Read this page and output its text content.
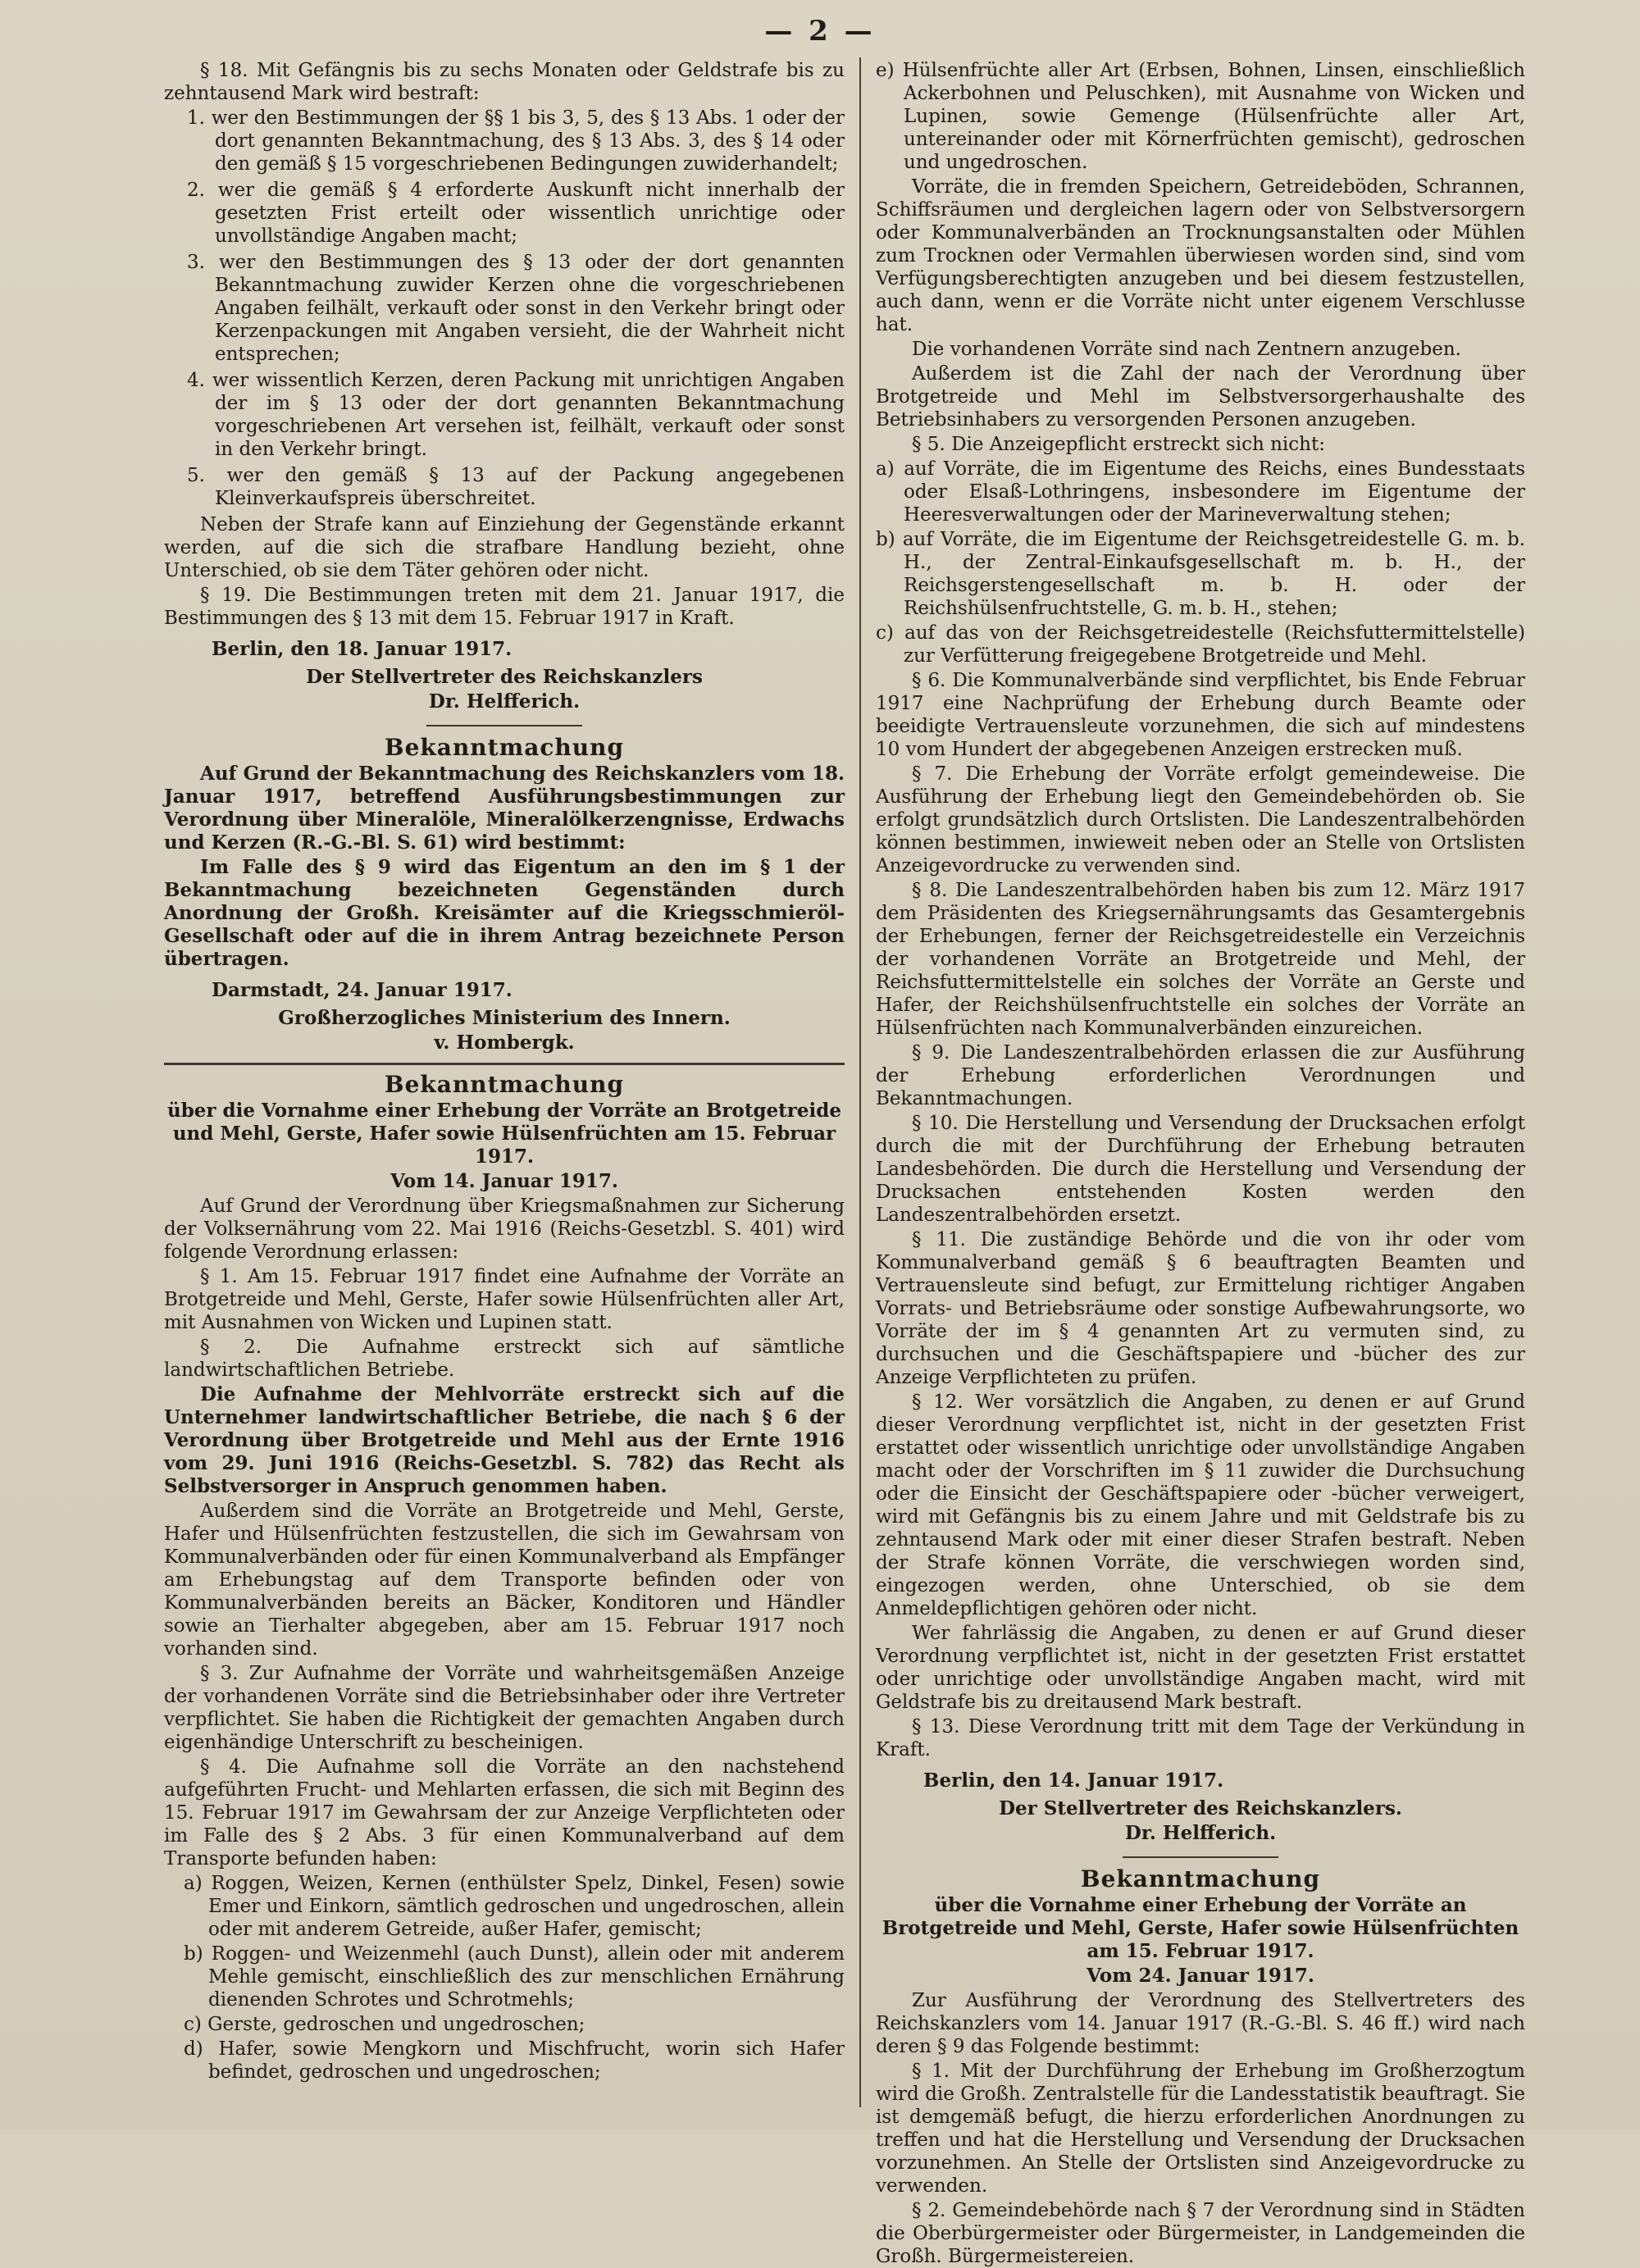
— 2 —

§ 18. Mit Gefängnis bis zu sechs Monaten oder Geldstrafe bis zu zehntausend Mark wird bestraft:

1. wer den Bestimmungen der §§ 1 bis 3, 5, des § 13 Abs. 1 oder der dort genannten Bekanntmachung, des § 13 Abs. 3, des § 14 oder den gemäß § 15 vorgeschriebenen Bedingungen zuwiderhandelt;

2. wer die gemäß § 4 erforderte Auskunft nicht innerhalb der gesetzten Frist erteilt oder wissentlich unrichtige oder unvollständige Angaben macht;

3. wer den Bestimmungen des § 13 oder der dort genannten Bekanntmachung zuwider Kerzen ohne die vorgeschriebenen Angaben feilhält, verkauft oder sonst in den Verkehr bringt oder Kerzenpackungen mit Angaben versieht, die der Wahrheit nicht entsprechen;

4. wer wissentlich Kerzen, deren Packung mit unrichtigen Angaben der im § 13 oder der dort genannten Bekanntmachung vorgeschriebenen Art versehen ist, feilhält, verkauft oder sonst in den Verkehr bringt.

5. wer den gemäß § 13 auf der Packung angegebenen Kleinverkaufspreis überschreitet.

Neben der Strafe kann auf Einziehung der Gegenstände erkannt werden, auf die sich die strafbare Handlung bezieht, ohne Unterschied, ob sie dem Täter gehören oder nicht.

§ 19. Die Bestimmungen treten mit dem 21. Januar 1917, die Bestimmungen des § 13 mit dem 15. Februar 1917 in Kraft.

Berlin, den 18. Januar 1917.

Der Stellvertreter des Reichskanzlers

Dr. Helfferich.

Bekanntmachung

Auf Grund der Bekanntmachung des Reichskanzlers vom 18. Januar 1917, betreffend Ausführungsbestimmungen zur Verordnung über Mineralöle, Mineralölkerzengnisse, Erdwachs und Kerzen (R.-G.-Bl. S. 61) wird bestimmt:

Im Falle des § 9 wird das Eigentum an den im § 1 der Bekanntmachung bezeichneten Gegenständen durch Anordnung der Großh. Kreisämter auf die Kriegsschmieröl-Gesellschaft oder auf die in ihrem Antrag bezeichnete Person übertragen.

Darmstadt, 24. Januar 1917.

Großherzogliches Ministerium des Innern.

v. Hombergk.

Bekanntmachung

über die Vornahme einer Erhebung der Vorräte an Brotgetreide und Mehl, Gerste, Hafer sowie Hülsenfrüchten am 15. Februar 1917.

Vom 14. Januar 1917.

Auf Grund der Verordnung über Kriegsmaßnahmen zur Sicherung der Volksernährung vom 22. Mai 1916 (Reichs-Gesetzbl. S. 401) wird folgende Verordnung erlassen:

§ 1. Am 15. Februar 1917 findet eine Aufnahme der Vorräte an Brotgetreide und Mehl, Gerste, Hafer sowie Hülsenfrüchten aller Art, mit Ausnahmen von Wicken und Lupinen statt.

§ 2. Die Aufnahme erstreckt sich auf sämtliche landwirtschaftlichen Betriebe.

Die Aufnahme der Mehlvorräte erstreckt sich auf die Unternehmer landwirtschaftlicher Betriebe, die nach § 6 der Verordnung über Brotgetreide und Mehl aus der Ernte 1916 vom 29. Juni 1916 (Reichs-Gesetzbl. S. 782) das Recht als Selbstversorger in Anspruch genommen haben.

Außerdem sind die Vorräte an Brotgetreide und Mehl, Gerste, Hafer und Hülsenfrüchten festzustellen, die sich im Gewahrsam von Kommunalverbänden oder für einen Kommunalverband als Empfänger am Erhebungstag auf dem Transporte befinden oder von Kommunalverbänden bereits an Bäcker, Konditoren und Händler sowie an Tierhalter abgegeben, aber am 15. Februar 1917 noch vorhanden sind.

§ 3. Zur Aufnahme der Vorräte und wahrheitsgemäßen Anzeige der vorhandenen Vorräte sind die Betriebsinhaber oder ihre Vertreter verpflichtet. Sie haben die Richtigkeit der gemachten Angaben durch eigenhändige Unterschrift zu bescheinigen.

§ 4. Die Aufnahme soll die Vorräte an den nachstehend aufgeführten Frucht- und Mehlarten erfassen, die sich mit Beginn des 15. Februar 1917 im Gewahrsam der zur Anzeige Verpflichteten oder im Falle des § 2 Abs. 3 für einen Kommunalverband auf dem Transporte befunden haben:

a) Roggen, Weizen, Kernen (enthülster Spelz, Dinkel, Fesen) sowie Emer und Einkorn, sämtlich gedroschen und ungedroschen, allein oder mit anderem Getreide, außer Hafer, gemischt;

b) Roggen- und Weizenmehl (auch Dunst), allein oder mit anderem Mehle gemischt, einschließlich des zur menschlichen Ernährung dienenden Schrotes und Schrotmehls;

c) Gerste, gedroschen und ungedroschen;

d) Hafer, sowie Mengkorn und Mischfrucht, worin sich Hafer befindet, gedroschen und ungedroschen;

e) Hülsenfrüchte aller Art (Erbsen, Bohnen, Linsen, einschließlich Ackerbohnen und Peluschken), mit Ausnahme von Wicken und Lupinen, sowie Gemenge (Hülsenfrüchte aller Art, untereinander oder mit Körnerfrüchten gemischt), gedroschen und ungedroschen.

Vorräte, die in fremden Speichern, Getreideböden, Schrannen, Schiffsräumen und dergleichen lagern oder von Selbstversorgern oder Kommunalverbänden an Trocknungsanstalten oder Mühlen zum Trocknen oder Vermahlen überwiesen worden sind, sind vom Verfügungsberechtigten anzugeben und bei diesem festzustellen, auch dann, wenn er die Vorräte nicht unter eigenem Verschlusse hat.

Die vorhandenen Vorräte sind nach Zentnern anzugeben.

Außerdem ist die Zahl der nach der Verordnung über Brotgetreide und Mehl im Selbstversorgerhaushalte des Betriebsinhabers zu versorgenden Personen anzugeben.

§ 5. Die Anzeigepflicht erstreckt sich nicht:

a) auf Vorräte, die im Eigentume des Reichs, eines Bundesstaats oder Elsaß-Lothringens, insbesondere im Eigentume der Heeresverwaltungen oder der Marineverwaltung stehen;

b) auf Vorräte, die im Eigentume der Reichsgetreidestelle G. m. b. H., der Zentral-Einkaufsgesellschaft m. b. H., der Reichsgerstengesellschaft m. b. H. oder der Reichshülsenfruchtstelle, G. m. b. H., stehen;

c) auf das von der Reichsgetreidestelle (Reichsfuttermittelstelle) zur Verfütterung freigegebene Brotgetreide und Mehl.

§ 6. Die Kommunalverbände sind verpflichtet, bis Ende Februar 1917 eine Nachprüfung der Erhebung durch Beamte oder beeidigte Vertrauensleute vorzunehmen, die sich auf mindestens 10 vom Hundert der abgegebenen Anzeigen erstrecken muß.

§ 7. Die Erhebung der Vorräte erfolgt gemeindeweise. Die Ausführung der Erhebung liegt den Gemeindebehörden ob. Sie erfolgt grundsätzlich durch Ortslisten. Die Landeszentralbehörden können bestimmen, inwieweit neben oder an Stelle von Ortslisten Anzeigevordrucke zu verwenden sind.

§ 8. Die Landeszentralbehörden haben bis zum 12. März 1917 dem Präsidenten des Kriegsernährungsamts das Gesamtergebnis der Erhebungen, ferner der Reichsgetreidestelle ein Verzeichnis der vorhandenen Vorräte an Brotgetreide und Mehl, der Reichsfuttermittelstelle ein solches der Vorräte an Gerste und Hafer, der Reichshülsenfruchtstelle ein solches der Vorräte an Hülsenfrüchten nach Kommunalverbänden einzureichen.

§ 9. Die Landeszentralbehörden erlassen die zur Ausführung der Erhebung erforderlichen Verordnungen und Bekanntmachungen.

§ 10. Die Herstellung und Versendung der Drucksachen erfolgt durch die mit der Durchführung der Erhebung betrauten Landesbehörden. Die durch die Herstellung und Versendung der Drucksachen entstehenden Kosten werden den Landeszentralbehörden ersetzt.

§ 11. Die zuständige Behörde und die von ihr oder vom Kommunalverband gemäß § 6 beauftragten Beamten und Vertrauensleute sind befugt, zur Ermittelung richtiger Angaben Vorrats- und Betriebsräume oder sonstige Aufbewahrungsorte, wo Vorräte der im § 4 genannten Art zu vermuten sind, zu durchsuchen und die Geschäftspapiere und -bücher des zur Anzeige Verpflichteten zu prüfen.

§ 12. Wer vorsätzlich die Angaben, zu denen er auf Grund dieser Verordnung verpflichtet ist, nicht in der gesetzten Frist erstattet oder wissentlich unrichtige oder unvollständige Angaben macht oder der Vorschriften im § 11 zuwider die Durchsuchung oder die Einsicht der Geschäftspapiere oder -bücher verweigert, wird mit Gefängnis bis zu einem Jahre und mit Geldstrafe bis zu zehntausend Mark oder mit einer dieser Strafen bestraft. Neben der Strafe können Vorräte, die verschwiegen worden sind, eingezogen werden, ohne Unterschied, ob sie dem Anmeldepflichtigen gehören oder nicht.

Wer fahrlässig die Angaben, zu denen er auf Grund dieser Verordnung verpflichtet ist, nicht in der gesetzten Frist erstattet oder unrichtige oder unvollständige Angaben macht, wird mit Geldstrafe bis zu dreitausend Mark bestraft.

§ 13. Diese Verordnung tritt mit dem Tage der Verkündung in Kraft.

Berlin, den 14. Januar 1917.

Der Stellvertreter des Reichskanzlers.

Dr. Helfferich.

Bekanntmachung

über die Vornahme einer Erhebung der Vorräte an Brotgetreide und Mehl, Gerste, Hafer sowie Hülsenfrüchten am 15. Februar 1917.

Vom 24. Januar 1917.

Zur Ausführung der Verordnung des Stellvertreters des Reichskanzlers vom 14. Januar 1917 (R.-G.-Bl. S. 46 ff.) wird nach deren § 9 das Folgende bestimmt:

§ 1. Mit der Durchführung der Erhebung im Großherzogtum wird die Großh. Zentralstelle für die Landesstatistik beauftragt. Sie ist demgemäß befugt, die hierzu erforderlichen Anordnungen zu treffen und hat die Herstellung und Versendung der Drucksachen vorzunehmen. An Stelle der Ortslisten sind Anzeigevordrucke zu verwenden.

§ 2. Gemeindebehörde nach § 7 der Verordnung sind in Städten die Oberbürgermeister oder Bürgermeister, in Landgemeinden die Großh. Bürgermeistereien.
